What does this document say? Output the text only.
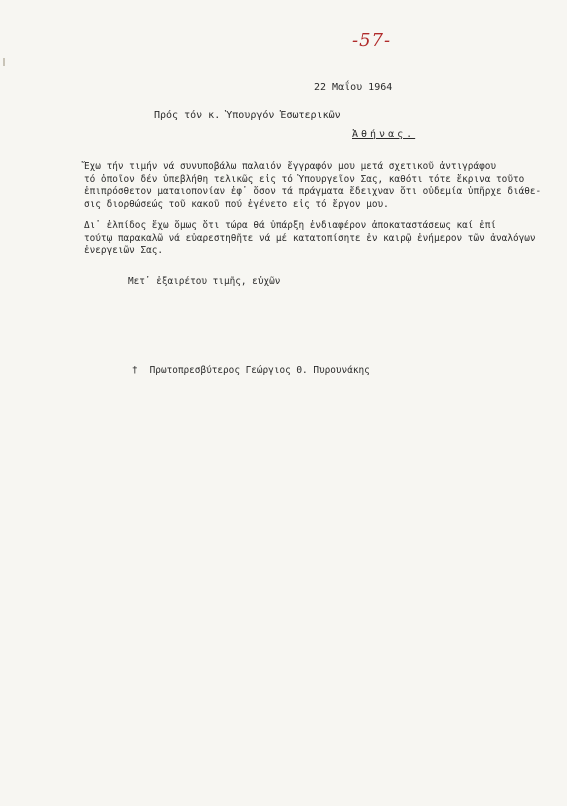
-57-
22 Μαΐου 1964
Πρός τόν κ. Ὑπουργόν Ἐσωτερικῶν
Ἀθήνας.
Ἔχω τήν τιμήν νά συνυποβάλω παλαιόν ἔγγραφόν μου μετά σχετικοῦ ἀντιγράφου
τό ὁποῖον δέν ὑπεβλήθη τελικῶς εἰς τό Ὑπουργεῖον Σας, καθότι τότε ἔκρινα τοῦτο
ἐπιπρόσθετον ματαιοπονίαν ἐφ᾽ ὅσον τά πράγματα ἔδειχναν ὅτι οὐδεμία ὑπῆρχε διάθε-
σις διορθώσεώς τοῦ κακοῦ πού ἐγένετο εἰς τό ἔργον μου.
Δι᾽ ἐλπίδος ἔχω ὅμως ὅτι τώρα θά ὑπάρξη ἐνδιαφέρον ἀποκαταστάσεως καί ἐπί
τούτῳ παρακαλῶ νά εὐαρεστηθῆτε νά μέ κατατοπίσητε ἐν καιρῷ ἐνήμερον τῶν ἀναλόγων
ἐνεργειῶν Σας.
Μετ᾽ ἐξαιρέτου τιμῆς, εὐχῶν
† Πρωτοπρεσβύτερος Γεώργιος Θ. Πυρουνάκης
